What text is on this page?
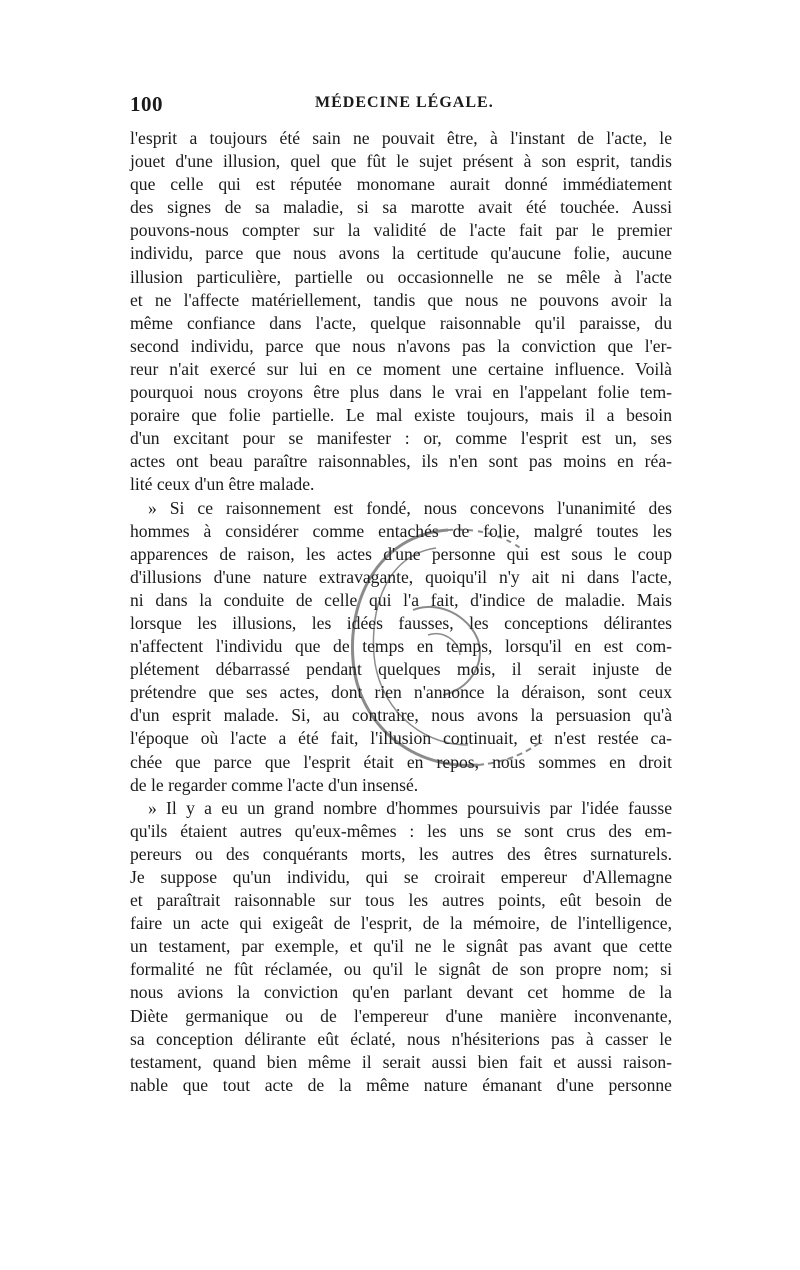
100	MÉDECINE LÉGALE.
l'esprit a toujours été sain ne pouvait être, à l'instant de l'acte, le
jouet d'une illusion, quel que fût le sujet présent à son esprit, tandis
que celle qui est réputée monomane aurait donné immédiatement
des signes de sa maladie, si sa marotte avait été touchée. Aussi
pouvons-nous compter sur la validité de l'acte fait par le premier
individu, parce que nous avons la certitude qu'aucune folie, aucune
illusion particulière, partielle ou occasionnelle ne se mêle à l'acte
et ne l'affecte matériellement, tandis que nous ne pouvons avoir la
même confiance dans l'acte, quelque raisonnable qu'il paraisse, du
second individu, parce que nous n'avons pas la conviction que l'er-
reur n'ait exercé sur lui en ce moment une certaine influence. Voilà
pourquoi nous croyons être plus dans le vrai en l'appelant folie tem-
poraire que folie partielle. Le mal existe toujours, mais il a besoin
d'un excitant pour se manifester : or, comme l'esprit est un, ses
actes ont beau paraître raisonnables, ils n'en sont pas moins en réa-
lité ceux d'un être malade.
» Si ce raisonnement est fondé, nous concevons l'unanimité des
hommes à considérer comme entachés de folie, malgré toutes les
apparences de raison, les actes d'une personne qui est sous le coup
d'illusions d'une nature extravagante, quoiqu'il n'y ait ni dans l'acte,
ni dans la conduite de celle qui l'a fait, d'indice de maladie. Mais
lorsque les illusions, les idées fausses, les conceptions délirantes
n'affectent l'individu que de temps en temps, lorsqu'il en est com-
plétement débarrassé pendant quelques mois, il serait injuste de
prétendre que ses actes, dont rien n'annonce la déraison, sont ceux
d'un esprit malade. Si, au contraire, nous avons la persuasion qu'à
l'époque où l'acte a été fait, l'illusion continuait, et n'est restée ca-
chée que parce que l'esprit était en repos, nous sommes en droit
de le regarder comme l'acte d'un insensé.
» Il y a eu un grand nombre d'hommes poursuivis par l'idée fausse
qu'ils étaient autres qu'eux-mêmes : les uns se sont crus des em-
pereurs ou des conquérants morts, les autres des êtres surnaturels.
Je suppose qu'un individu, qui se croirait empereur d'Allemagne
et paraîtrait raisonnable sur tous les autres points, eût besoin de
faire un acte qui exigeât de l'esprit, de la mémoire, de l'intelligence,
un testament, par exemple, et qu'il ne le signât pas avant que cette
formalité ne fût réclamée, ou qu'il le signât de son propre nom; si
nous avions la conviction qu'en parlant devant cet homme de la
Diète germanique ou de l'empereur d'une manière inconvenante,
sa conception délirante eût éclaté, nous n'hésiterions pas à casser le
testament, quand bien même il serait aussi bien fait et aussi raison-
nable que tout acte de la même nature émanant d'une personne
